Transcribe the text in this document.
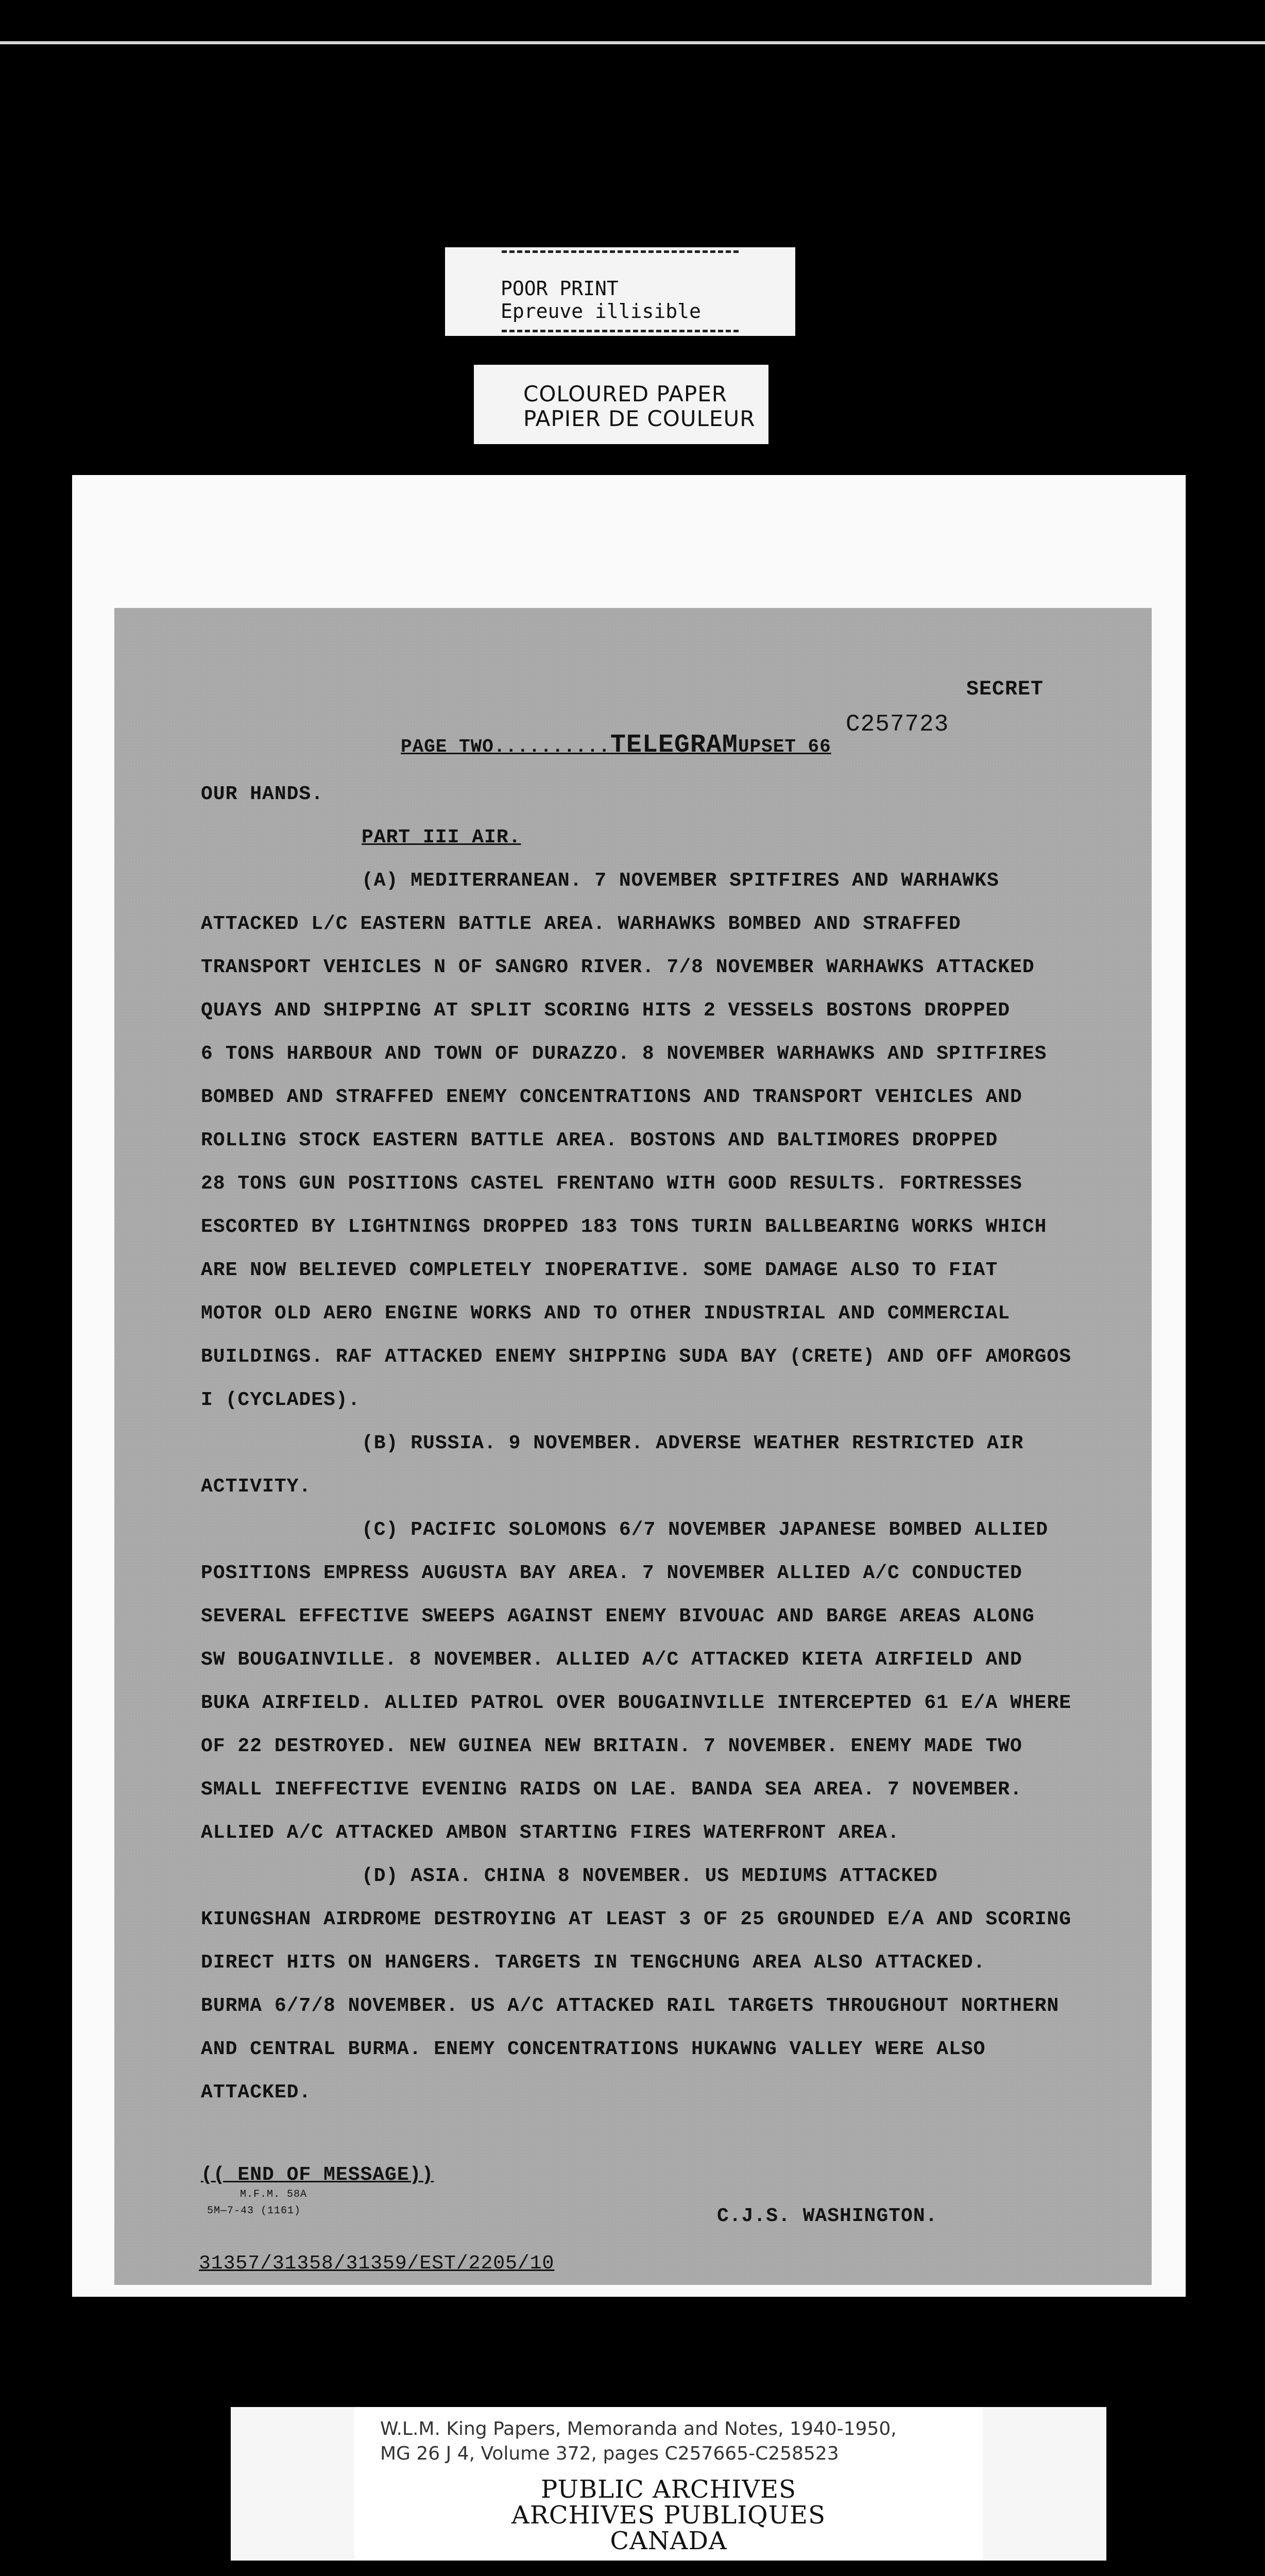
POOR PRINT
Epreuve illisible
COLOURED PAPER
PAPIER DE COULEUR
SECRET
C257723
PAGE TWO..........TELEGRAMUPSET 66
OUR HANDS.
PART III AIR.
(A) MEDITERRANEAN. 7 NOVEMBER SPITFIRES AND WARHAWKS
ATTACKED L/C EASTERN BATTLE AREA. WARHAWKS BOMBED AND STRAFFED
TRANSPORT VEHICLES N OF SANGRO RIVER. 7/8 NOVEMBER WARHAWKS ATTACKED
QUAYS AND SHIPPING AT SPLIT SCORING HITS 2 VESSELS BOSTONS DROPPED
6 TONS HARBOUR AND TOWN OF DURAZZO. 8 NOVEMBER WARHAWKS AND SPITFIRES
BOMBED AND STRAFFED ENEMY CONCENTRATIONS AND TRANSPORT VEHICLES AND
ROLLING STOCK EASTERN BATTLE AREA. BOSTONS AND BALTIMORES DROPPED
28 TONS GUN POSITIONS CASTEL FRENTANO WITH GOOD RESULTS. FORTRESSES
ESCORTED BY LIGHTNINGS DROPPED 183 TONS TURIN BALLBEARING WORKS WHICH
ARE NOW BELIEVED COMPLETELY INOPERATIVE. SOME DAMAGE ALSO TO FIAT
MOTOR OLD AERO ENGINE WORKS AND TO OTHER INDUSTRIAL AND COMMERCIAL
BUILDINGS. RAF ATTACKED ENEMY SHIPPING SUDA BAY (CRETE) AND OFF AMORGOS
I (CYCLADES).
(B) RUSSIA. 9 NOVEMBER. ADVERSE WEATHER RESTRICTED AIR
ACTIVITY.
(C) PACIFIC SOLOMONS 6/7 NOVEMBER JAPANESE BOMBED ALLIED
POSITIONS EMPRESS AUGUSTA BAY AREA. 7 NOVEMBER ALLIED A/C CONDUCTED
SEVERAL EFFECTIVE SWEEPS AGAINST ENEMY BIVOUAC AND BARGE AREAS ALONG
SW BOUGAINVILLE. 8 NOVEMBER. ALLIED A/C ATTACKED KIETA AIRFIELD AND
BUKA AIRFIELD. ALLIED PATROL OVER BOUGAINVILLE INTERCEPTED 61 E/A WHERE
OF 22 DESTROYED. NEW GUINEA NEW BRITAIN. 7 NOVEMBER. ENEMY MADE TWO
SMALL INEFFECTIVE EVENING RAIDS ON LAE. BANDA SEA AREA. 7 NOVEMBER.
ALLIED A/C ATTACKED AMBON STARTING FIRES WATERFRONT AREA.
(D) ASIA. CHINA 8 NOVEMBER. US MEDIUMS ATTACKED
KIUNGSHAN AIRDROME DESTROYING AT LEAST 3 OF 25 GROUNDED E/A AND SCORING
DIRECT HITS ON HANGERS. TARGETS IN TENGCHUNG AREA ALSO ATTACKED.
BURMA 6/7/8 NOVEMBER. US A/C ATTACKED RAIL TARGETS THROUGHOUT NORTHERN
AND CENTRAL BURMA. ENEMY CONCENTRATIONS HUKAWNG VALLEY WERE ALSO
ATTACKED.
(( END OF MESSAGE))
M.F.M. 58A
5M—7-43 (1161)	C.J.S. WASHINGTON.
31357/31358/31359/EST/2205/10
W.L.M. King Papers, Memoranda and Notes, 1940-1950,
MG 26 J 4, Volume 372, pages C257665-C258523
PUBLIC ARCHIVES
ARCHIVES PUBLIQUES
CANADA
